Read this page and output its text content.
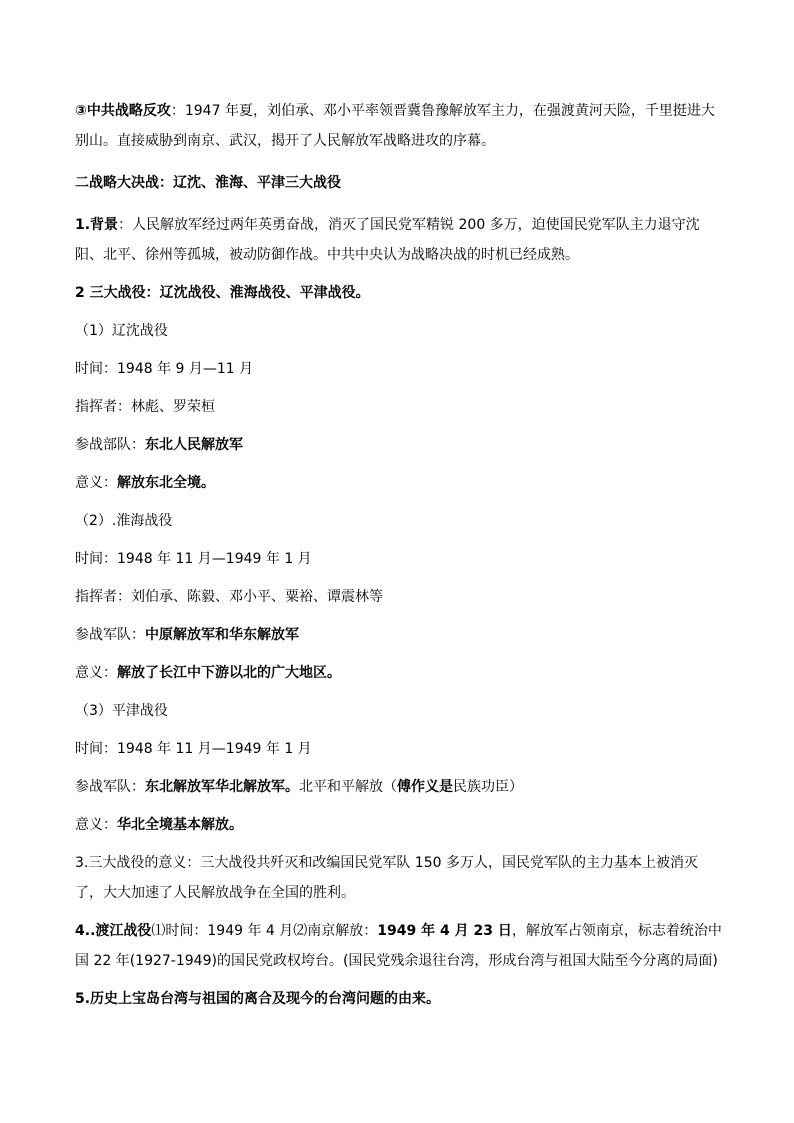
③中共战略反攻：1947 年夏，刘伯承、邓小平率领晋冀鲁豫解放军主力，在强渡黄河天险，千里挺进大别山。直接威胁到南京、武汉，揭开了人民解放军战略进攻的序幕。

二战略大决战：辽沈、淮海、平津三大战役

1.背景：人民解放军经过两年英勇奋战，消灭了国民党军精锐 200 多万，迫使国民党军队主力退守沈阳、北平、徐州等孤城，被动防御作战。中共中央认为战略决战的时机已经成熟。

2 三大战役：辽沈战役、淮海战役、平津战役。

（1）辽沈战役

时间：1948 年 9 月—11 月

指挥者：林彪、罗荣桓

参战部队：东北人民解放军

意义：解放东北全境。

（2）.淮海战役

时间：1948 年 11 月—1949 年 1 月

指挥者：刘伯承、陈毅、邓小平、粟裕、谭震林等

参战军队：中原解放军和华东解放军

意义：解放了长江中下游以北的广大地区。

（3）平津战役

时间：1948 年 11 月—1949 年 1 月

参战军队：东北解放军华北解放军。北平和平解放（傅作义是民族功臣）

意义：华北全境基本解放。

3.三大战役的意义：三大战役共歼灭和改编国民党军队 150 多万人，国民党军队的主力基本上被消灭了，大大加速了人民解放战争在全国的胜利。

4..渡江战役⑴时间：1949 年 4 月⑵南京解放：1949 年 4 月 23 日，解放军占领南京，标志着统治中国 22 年(1927-1949)的国民党政权垮台。(国民党残余退往台湾，形成台湾与祖国大陆至今分离的局面)

5.历史上宝岛台湾与祖国的离合及现今的台湾问题的由来。
